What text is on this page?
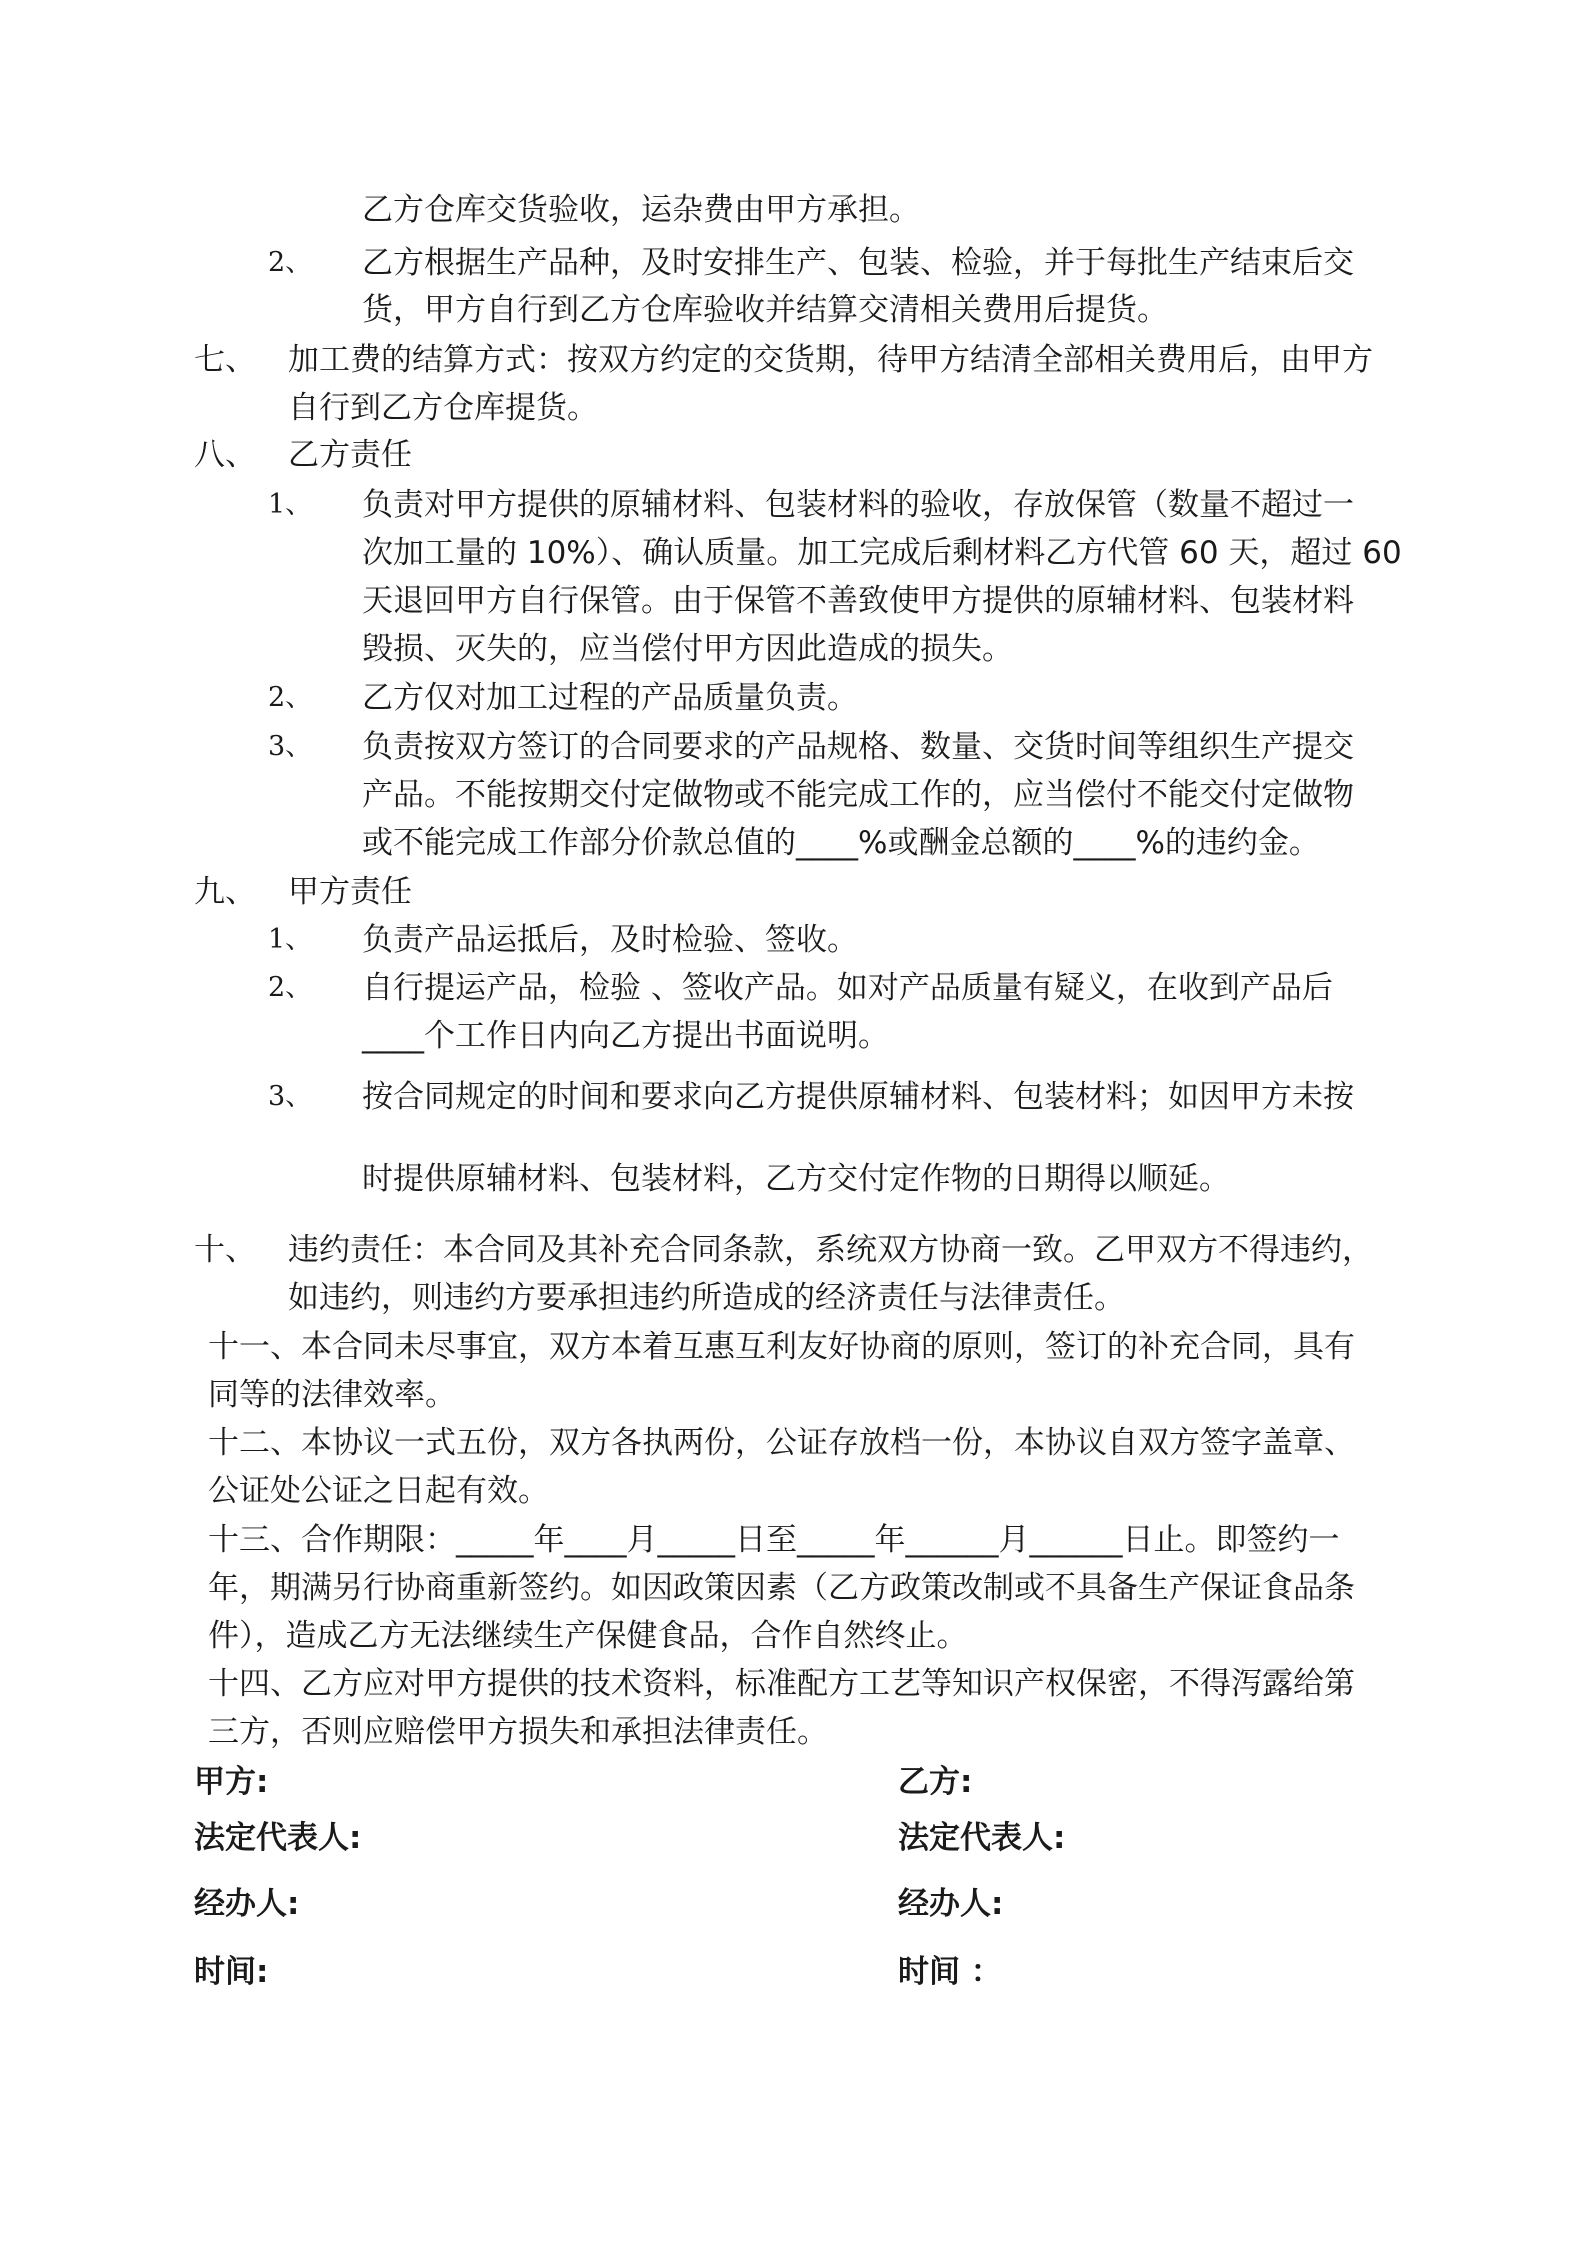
乙方仓库交货验收，运杂费由甲方承担。
2、 乙方根据生产品种，及时安排生产、包装、检验，并于每批生产结束后交
货，甲方自行到乙方仓库验收并结算交清相关费用后提货。
七、 加工费的结算方式：按双方约定的交货期，待甲方结清全部相关费用后，由甲方
自行到乙方仓库提货。
八、 乙方责任
1、 负责对甲方提供的原辅材料、包装材料的验收，存放保管（数量不超过一
次加工量的 10%）、确认质量。加工完成后剩材料乙方代管 60 天，超过 60
天退回甲方自行保管。由于保管不善致使甲方提供的原辅材料、包装材料
毁损、灭失的，应当偿付甲方因此造成的损失。
2、 乙方仅对加工过程的产品质量负责。
3、 负责按双方签订的合同要求的产品规格、数量、交货时间等组织生产提交
产品。不能按期交付定做物或不能完成工作的，应当偿付不能交付定做物
或不能完成工作部分价款总值的____%或酬金总额的____%的违约金。
九、 甲方责任
1、 负责产品运抵后，及时检验、签收。
2、 自行提运产品，检验 、签收产品。如对产品质量有疑义，在收到产品后
____个工作日内向乙方提出书面说明。
3、 按合同规定的时间和要求向乙方提供原辅材料、包装材料；如因甲方未按
时提供原辅材料、包装材料，乙方交付定作物的日期得以顺延。
十、 违约责任：本合同及其补充合同条款，系统双方协商一致。乙甲双方不得违约，
如违约，则违约方要承担违约所造成的经济责任与法律责任。
十一、本合同未尽事宜，双方本着互惠互利友好协商的原则，签订的补充合同，具有
同等的法律效率。
十二、本协议一式五份，双方各执两份，公证存放档一份，本协议自双方签字盖章、
公证处公证之日起有效。
十三、合作期限：_____年____月_____日至_____年______月______日止。即签约一
年，期满另行协商重新签约。如因政策因素（乙方政策改制或不具备生产保证食品条
件），造成乙方无法继续生产保健食品，合作自然终止。
十四、乙方应对甲方提供的技术资料，标准配方工艺等知识产权保密，不得泻露给第
三方，否则应赔偿甲方损失和承担法律责任。
甲方:	乙方:
法定代表人:	法定代表人:
经办人:	经办人:
时间:	时间 ：
